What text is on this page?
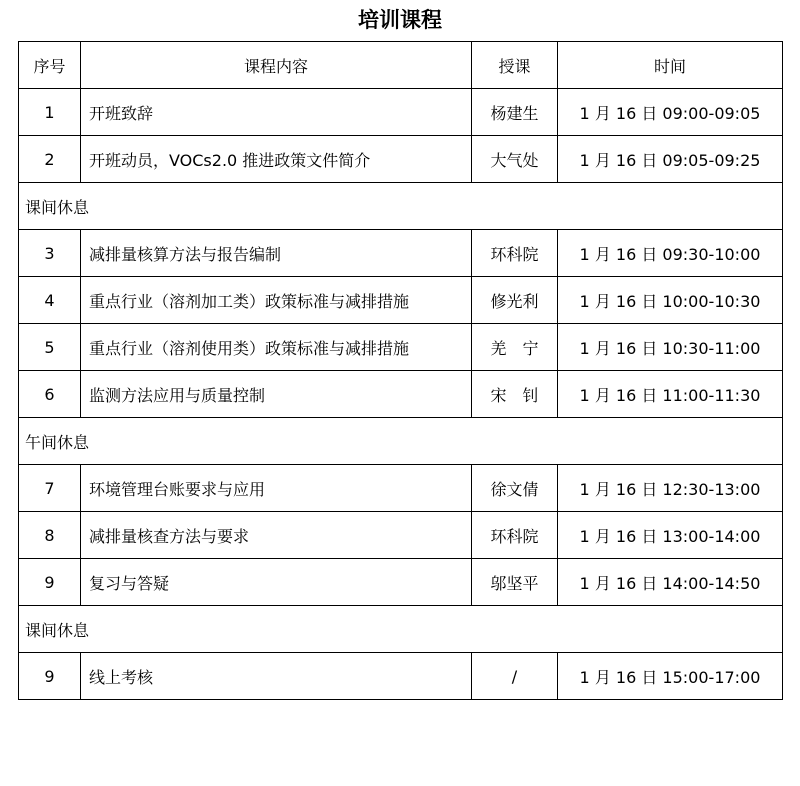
培训课程
序号	课程内容	授课	时间
1	开班致辞	杨建生	1 月 16 日 09:00-09:05
2	开班动员，VOCs2.0 推进政策文件简介	大气处	1 月 16 日 09:05-09:25
课间休息			
3	减排量核算方法与报告编制	环科院	1 月 16 日 09:30-10:00
4	重点行业（溶剂加工类）政策标准与减排措施	修光利	1 月 16 日 10:00-10:30
5	重点行业（溶剂使用类）政策标准与减排措施	羌　宁	1 月 16 日 10:30-11:00
6	监测方法应用与质量控制	宋　钊	1 月 16 日 11:00-11:30
午间休息			
7	环境管理台账要求与应用	徐文倩	1 月 16 日 12:30-13:00
8	减排量核查方法与要求	环科院	1 月 16 日 13:00-14:00
9	复习与答疑	邬坚平	1 月 16 日 14:00-14:50
课间休息			
9	线上考核	/	1 月 16 日 15:00-17:00
